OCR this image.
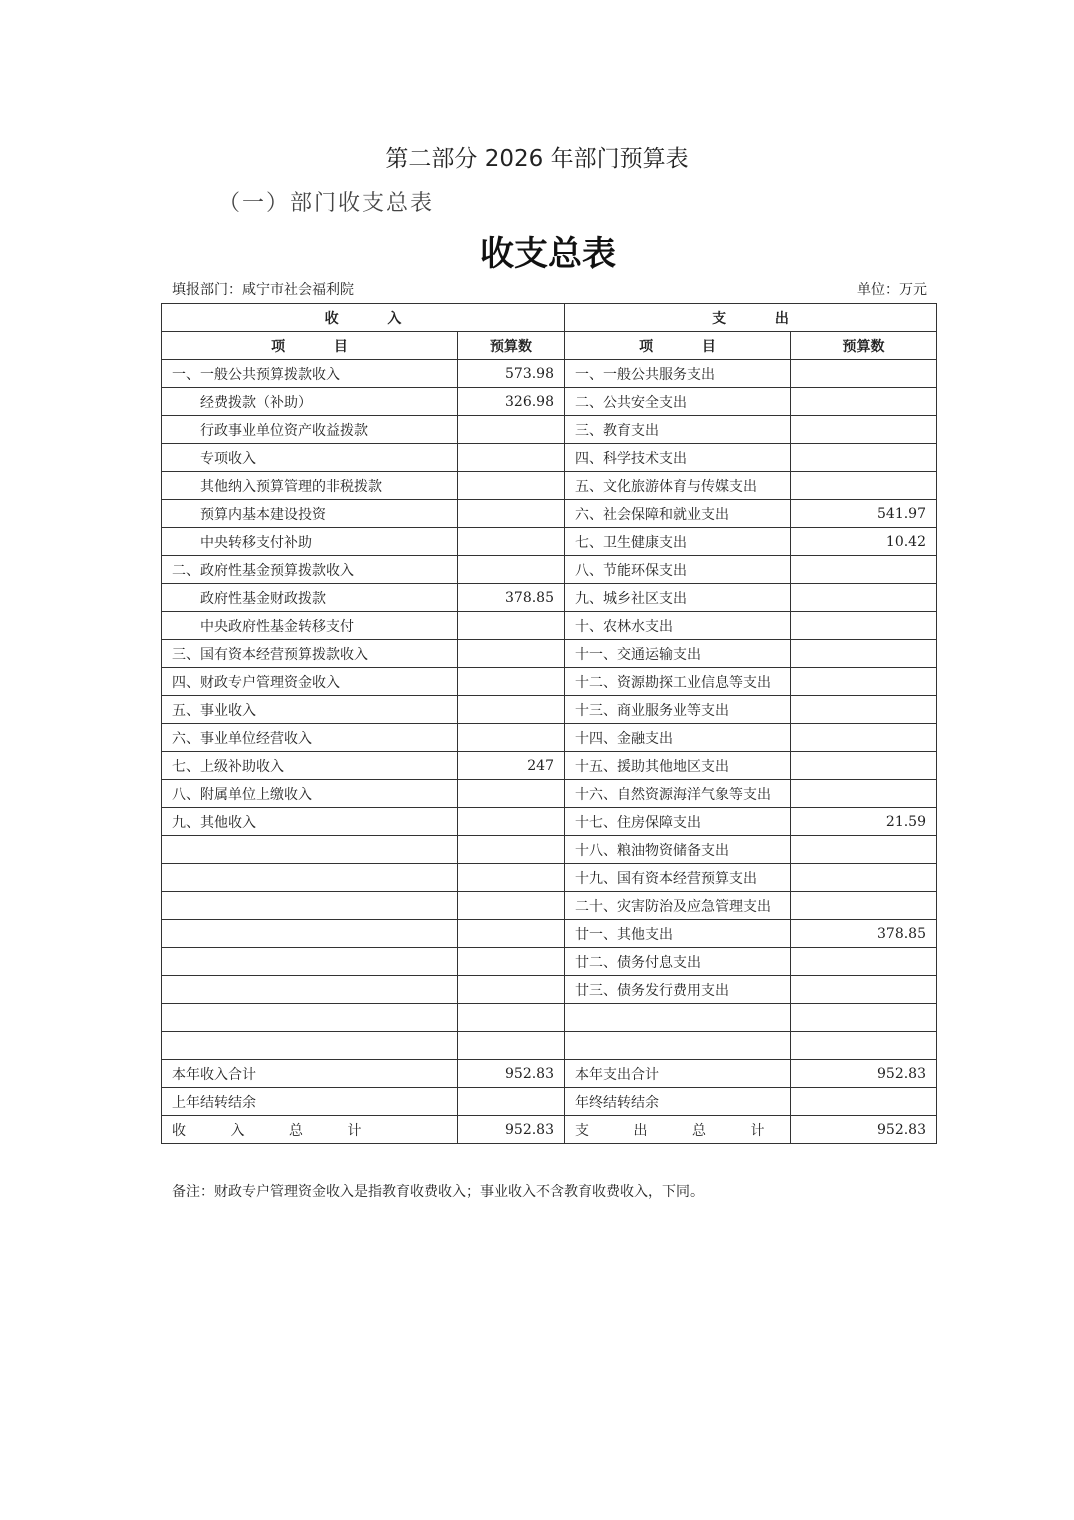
第二部分 2026 年部门预算表
（一）部门收支总表
收支总表
填报部门：咸宁市社会福利院	单位：万元
收          入		支          出	
项          目	预算数	项          目	预算数
一、一般公共预算拨款收入	573.98	一、一般公共服务支出	
经费拨款（补助）	326.98	二、公共安全支出	
行政事业单位资产收益拨款		三、教育支出	
专项收入		四、科学技术支出	
其他纳入预算管理的非税拨款		五、文化旅游体育与传媒支出	
预算内基本建设投资		六、社会保障和就业支出	541.97
中央转移支付补助		七、卫生健康支出	10.42
二、政府性基金预算拨款收入		八、节能环保支出	
政府性基金财政拨款	378.85	九、城乡社区支出	
中央政府性基金转移支付		十、农林水支出	
三、国有资本经营预算拨款收入		十一、交通运输支出	
四、财政专户管理资金收入		十二、资源勘探工业信息等支出	
五、事业收入		十三、商业服务业等支出	
六、事业单位经营收入		十四、金融支出	
七、上级补助收入	247	十五、援助其他地区支出	
八、附属单位上缴收入		十六、自然资源海洋气象等支出	
九、其他收入		十七、住房保障支出	21.59
		十八、粮油物资储备支出	
		十九、国有资本经营预算支出	
		二十、灾害防治及应急管理支出	
		廿一、其他支出	378.85
		廿二、债务付息支出	
		廿三、债务发行费用支出	

本年收入合计	952.83	本年支出合计	952.83
上年结转结余		年终结转结余	
收          入          总          计	952.83	支          出          总          计	952.83
备注：财政专户管理资金收入是指教育收费收入；事业收入不含教育收费收入，下同。
